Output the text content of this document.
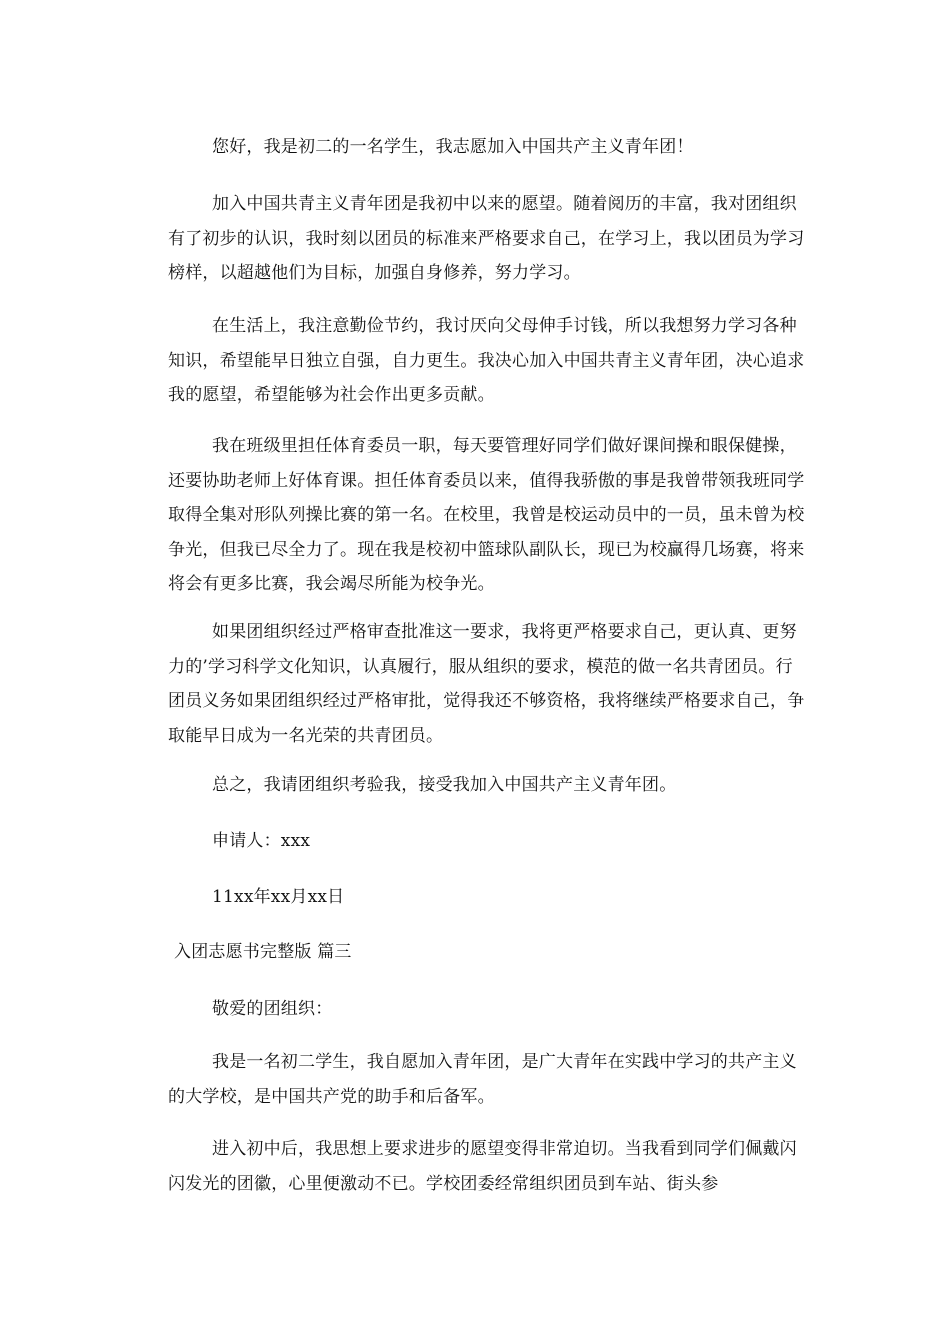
您好，我是初二的一名学生，我志愿加入中国共产主义青年团！

加入中国共青主义青年团是我初中以来的愿望。随着阅历的丰富，我对团组织有了初步的认识，我时刻以团员的标准来严格要求自己，在学习上，我以团员为学习榜样，以超越他们为目标，加强自身修养，努力学习。

在生活上，我注意勤俭节约，我讨厌向父母伸手讨钱，所以我想努力学习各种知识，希望能早日独立自强，自力更生。我决心加入中国共青主义青年团，决心追求我的愿望，希望能够为社会作出更多贡献。

我在班级里担任体育委员一职，每天要管理好同学们做好课间操和眼保健操，还要协助老师上好体育课。担任体育委员以来，值得我骄傲的事是我曾带领我班同学取得全集对形队列操比赛的第一名。在校里，我曾是校运动员中的一员，虽未曾为校争光，但我已尽全力了。现在我是校初中篮球队副队长，现已为校赢得几场赛，将来将会有更多比赛，我会竭尽所能为校争光。

如果团组织经过严格审查批准这一要求，我将更严格要求自己，更认真、更努力的’学习科学文化知识，认真履行，服从组织的要求，模范的做一名共青团员。行团员义务如果团组织经过严格审批，觉得我还不够资格，我将继续严格要求自己，争取能早日成为一名光荣的共青团员。

总之，我请团组织考验我，接受我加入中国共产主义青年团。

申请人：xxx

11xx年xx月xx日

入团志愿书完整版 篇三

敬爱的团组织：

我是一名初二学生，我自愿加入青年团，是广大青年在实践中学习的共产主义的大学校，是中国共产党的助手和后备军。

进入初中后，我思想上要求进步的愿望变得非常迫切。当我看到同学们佩戴闪闪发光的团徽，心里便激动不已。学校团委经常组织团员到车站、街头参
